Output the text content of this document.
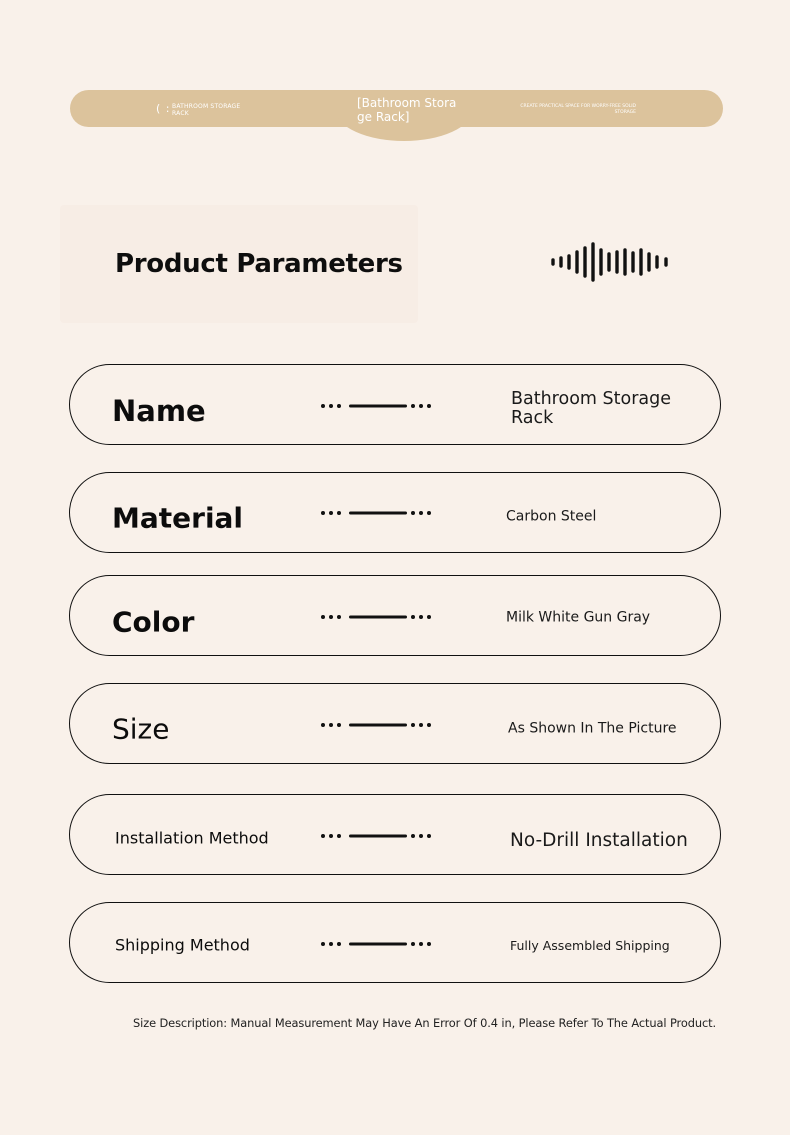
( : BATHROOM STORAGE RACK
[Bathroom Storage Rack]
CREATE PRACTICAL SPACE FOR WORRY-FREE SOLID STORAGE
Product Parameters
Name	Bathroom Storage Rack
Material	Carbon Steel
Color	Milk White Gun Gray
Size	As Shown In The Picture
Installation Method	No-Drill Installation
Shipping Method	Fully Assembled Shipping
Size Description: Manual Measurement May Have An Error Of 0.4 in, Please Refer To The Actual Product.
